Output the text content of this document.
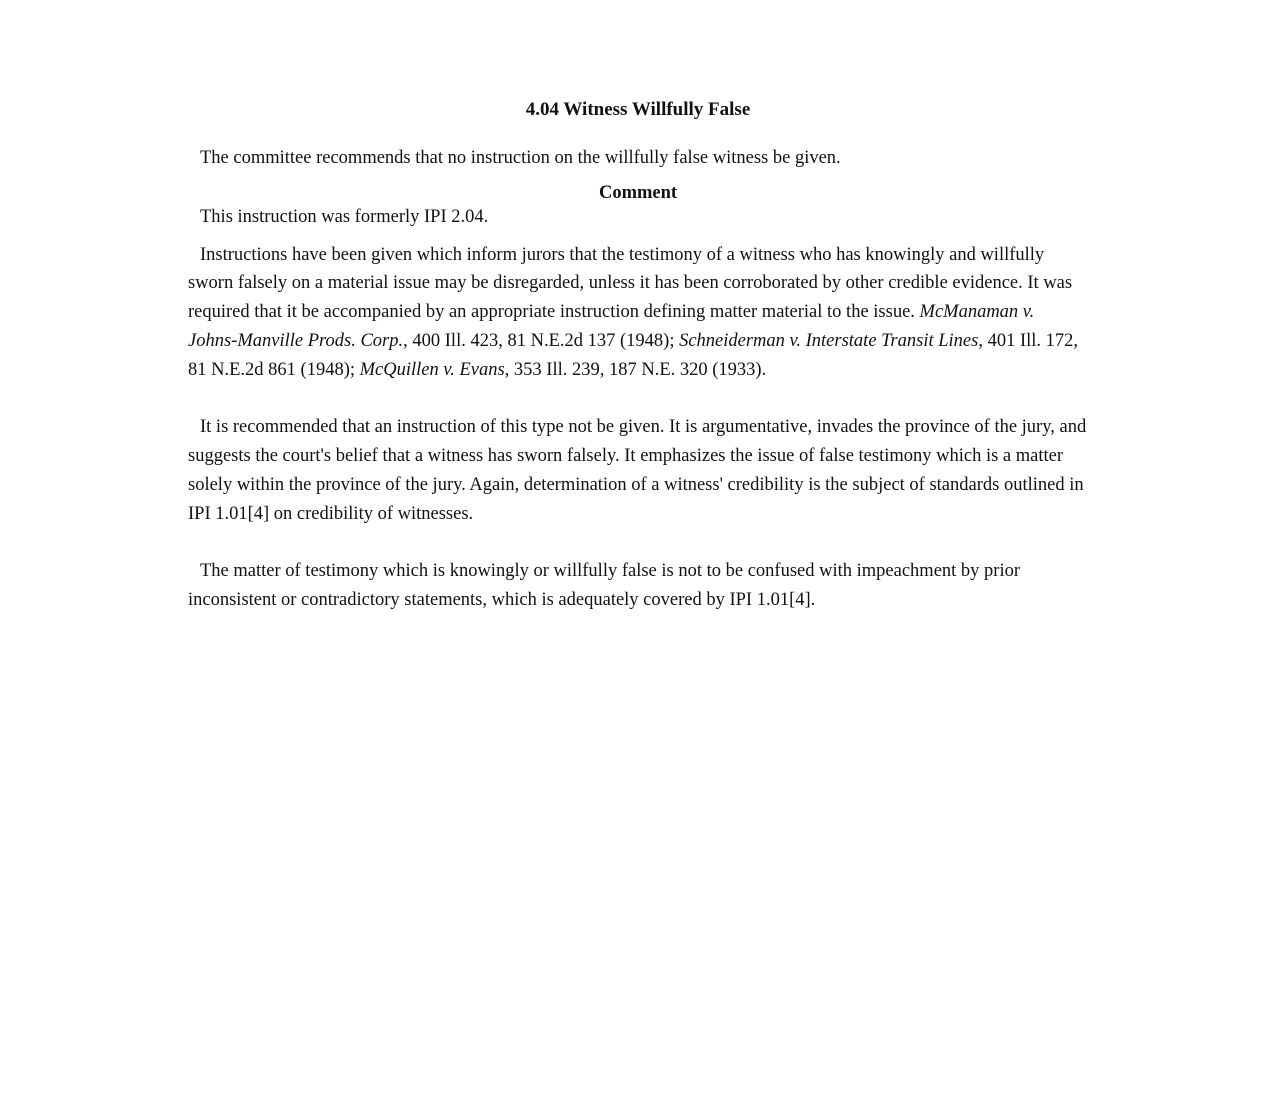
4.04 Witness Willfully False

The committee recommends that no instruction on the willfully false witness be given.

Comment

This instruction was formerly IPI 2.04.

Instructions have been given which inform jurors that the testimony of a witness who has knowingly and willfully sworn falsely on a material issue may be disregarded, unless it has been corroborated by other credible evidence. It was required that it be accompanied by an appropriate instruction defining matter material to the issue. McManaman v. Johns-Manville Prods. Corp., 400 Ill. 423, 81 N.E.2d 137 (1948); Schneiderman v. Interstate Transit Lines, 401 Ill. 172, 81 N.E.2d 861 (1948); McQuillen v. Evans, 353 Ill. 239, 187 N.E. 320 (1933).

It is recommended that an instruction of this type not be given. It is argumentative, invades the province of the jury, and suggests the court's belief that a witness has sworn falsely. It emphasizes the issue of false testimony which is a matter solely within the province of the jury. Again, determination of a witness' credibility is the subject of standards outlined in IPI 1.01[4] on credibility of witnesses.

The matter of testimony which is knowingly or willfully false is not to be confused with impeachment by prior inconsistent or contradictory statements, which is adequately covered by IPI 1.01[4].
